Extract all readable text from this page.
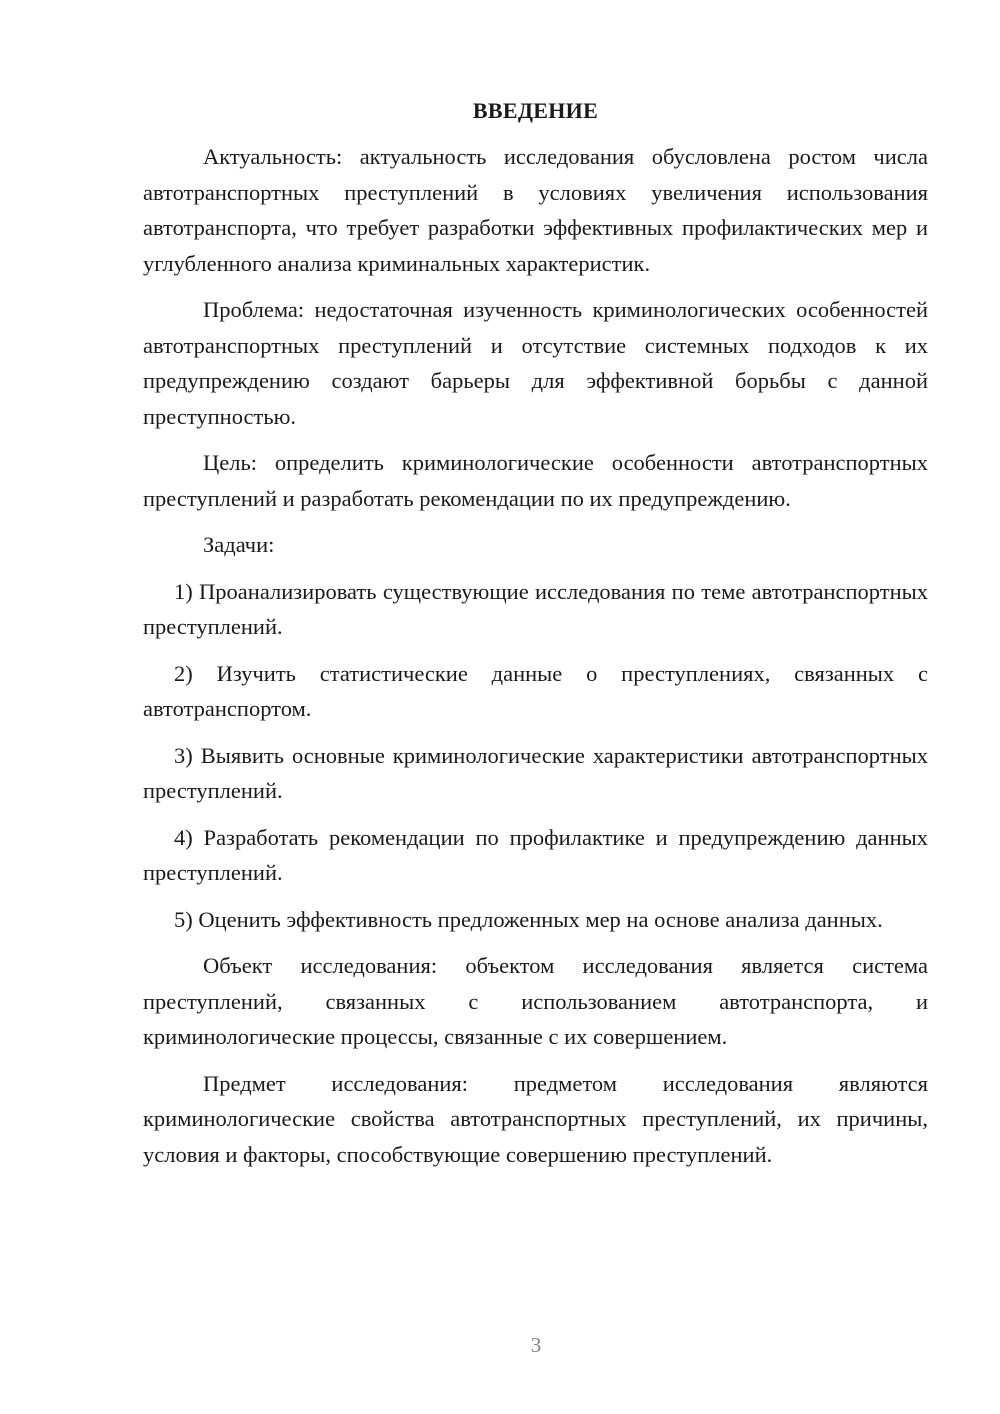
ВВЕДЕНИЕ

Актуальность: актуальность исследования обусловлена ростом числа автотранспортных преступлений в условиях увеличения использования автотранспорта, что требует разработки эффективных профилактических мер и углубленного анализа криминальных характеристик.

Проблема: недостаточная изученность криминологических особенностей автотранспортных преступлений и отсутствие системных подходов к их предупреждению создают барьеры для эффективной борьбы с данной преступностью.

Цель: определить криминологические особенности автотранспортных преступлений и разработать рекомендации по их предупреждению.

Задачи:

1) Проанализировать существующие исследования по теме автотранспортных преступлений.

2) Изучить статистические данные о преступлениях, связанных с автотранспортом.

3) Выявить основные криминологические характеристики автотранспортных преступлений.

4) Разработать рекомендации по профилактике и предупреждению данных преступлений.

5) Оценить эффективность предложенных мер на основе анализа данных.

Объект исследования: объектом исследования является система преступлений, связанных с использованием автотранспорта, и криминологические процессы, связанные с их совершением.

Предмет исследования: предметом исследования являются криминологические свойства автотранспортных преступлений, их причины, условия и факторы, способствующие совершению преступлений.

3
